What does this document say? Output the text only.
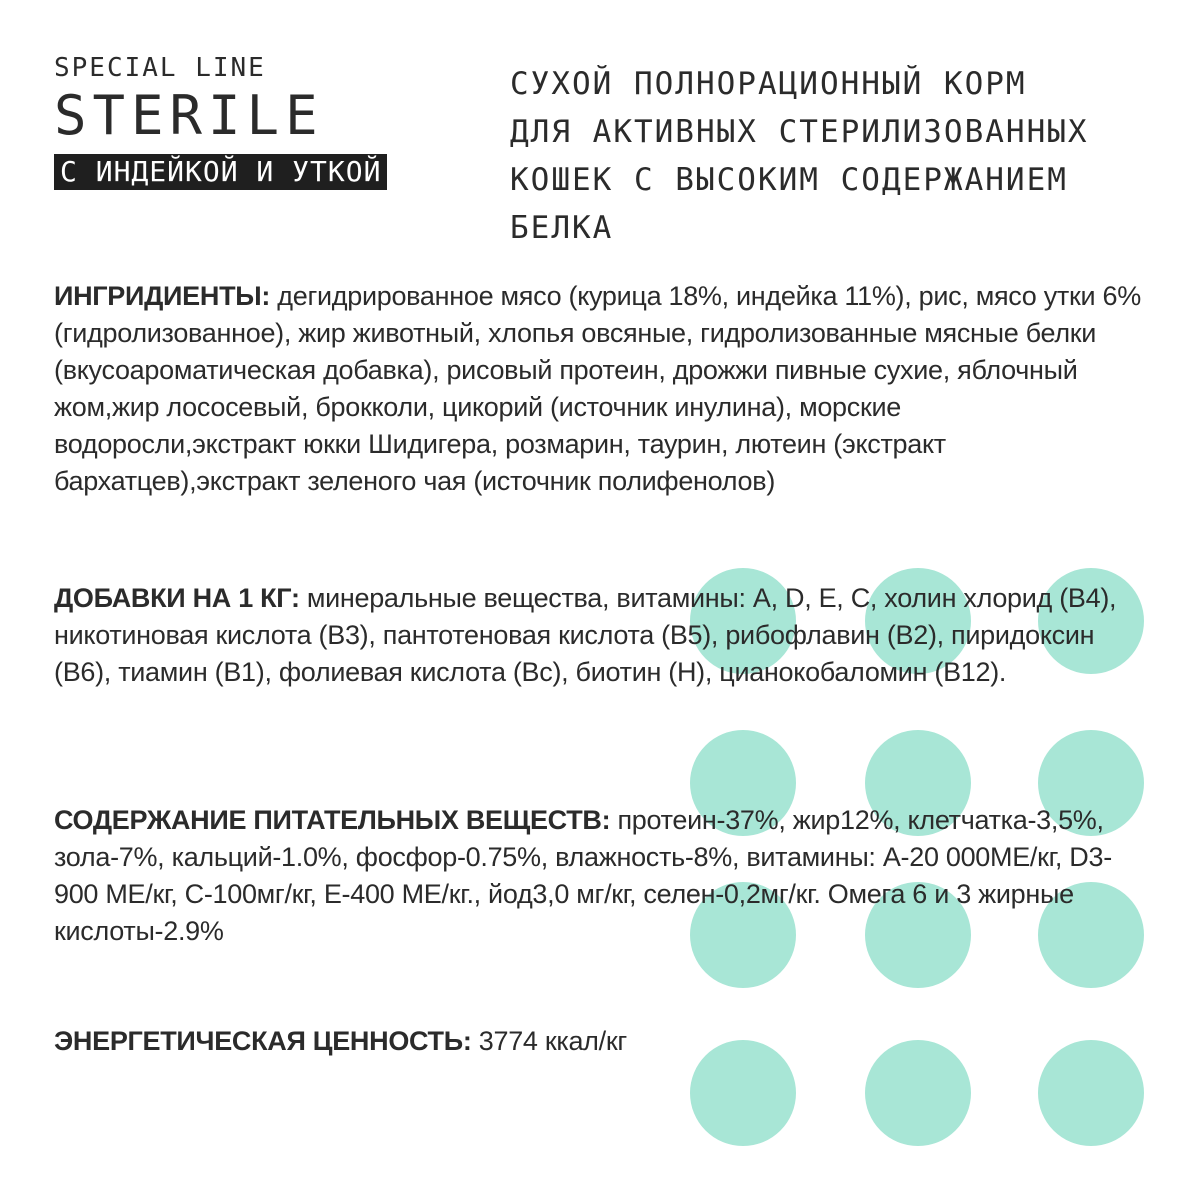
SPECIAL LINE
STERILE
С ИНДЕЙКОЙ И УТКОЙ
СУХОЙ ПОЛНОРАЦИОННЫЙ КОРМ
ДЛЯ АКТИВНЫХ СТЕРИЛИЗОВАННЫХ
КОШЕК С ВЫСОКИМ СОДЕРЖАНИЕМ
БЕЛКА
ИНГРИДИЕНТЫ: дегидрированное мясо (курица 18%, индейка 11%), рис, мясо утки 6% (гидролизованное), жир животный, хлопья овсяные, гидролизованные мясные белки (вкусоароматическая добавка), рисовый протеин, дрожжи пивные сухие, яблочный жом,жир лососевый, брокколи, цикорий (источник инулина), морские водоросли,экстракт юкки Шидигера, розмарин, таурин, лютеин (экстракт бархатцев),экстракт зеленого чая (источник полифенолов)
ДОБАВКИ НА 1 КГ: минеральные вещества, витамины: A, D, E, C, холин хлорид (B4), никотиновая кислота (B3), пантотеновая кислота (B5), рибофлавин (B2), пиридоксин (B6), тиамин (B1), фолиевая кислота (Bc), биотин (H), цианокобаломин (B12).
СОДЕРЖАНИЕ ПИТАТЕЛЬНЫХ ВЕЩЕСТВ: протеин-37%, жир12%, клетчатка-3,5%, зола-7%, кальций-1.0%, фосфор-0.75%, влажность-8%, витамины: А-20 000МЕ/кг, D3-900 МЕ/кг, С-100мг/кг, Е-400 МЕ/кг., йод3,0 мг/кг, селен-0,2мг/кг. Омега 6 и 3 жирные кислоты-2.9%
ЭНЕРГЕТИЧЕСКАЯ ЦЕННОСТЬ: 3774 ккал/кг
